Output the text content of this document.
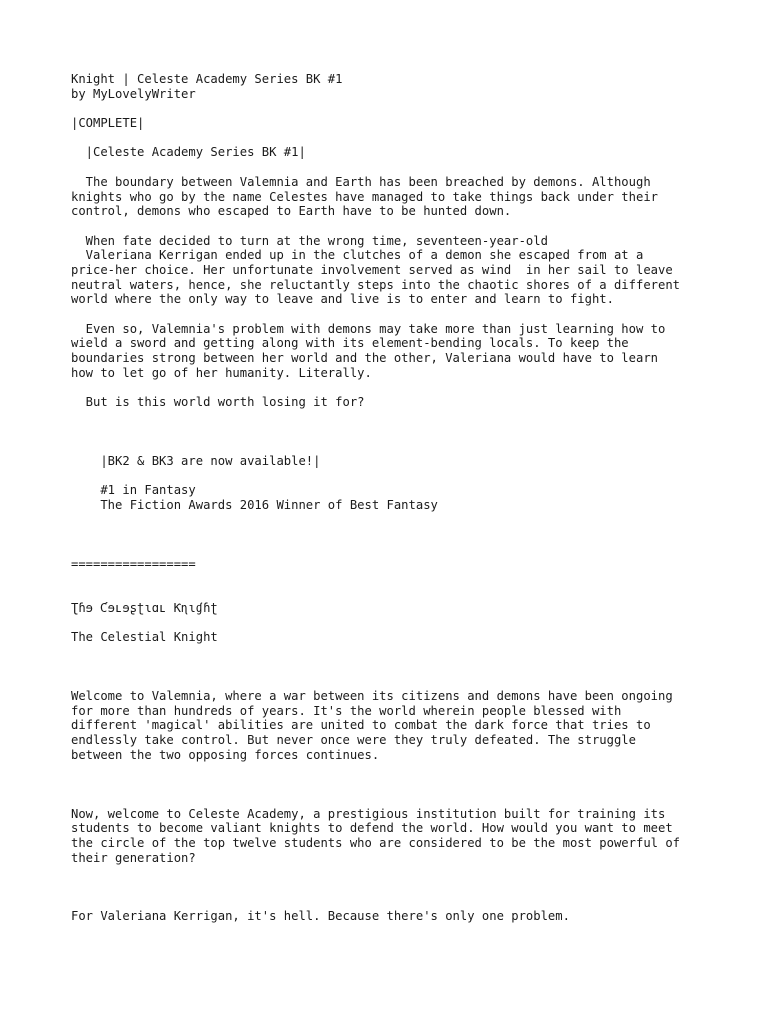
Knight | Celeste Academy Series BK #1
by MyLovelyWriter
|COMPLETE|
|Celeste Academy Series BK #1|
The boundary between Valemnia and Earth has been breached by demons. Although
knights who go by the name Celestes have managed to take things back under their
control, demons who escaped to Earth have to be hunted down.
When fate decided to turn at the wrong time, seventeen-year-old
Valeriana Kerrigan ended up in the clutches of a demon she escaped from at a
price-her choice. Her unfortunate involvement served as wind  in her sail to leave
neutral waters, hence, she reluctantly steps into the chaotic shores of a different
world where the only way to leave and live is to enter and learn to fight.
Even so, Valemnia's problem with demons may take more than just learning how to
wield a sword and getting along with its element-bending locals. To keep the
boundaries strong between her world and the other, Valeriana would have to learn
how to let go of her humanity. Literally.
But is this world worth losing it for?
|BK2 & BK3 are now available!|
#1 in Fantasy
The Fiction Awards 2016 Winner of Best Fantasy
=================
Ʈɦɘ Ƈɘʟɘʂʈɩɑʟ Ƙɳɩɠɦʈ
The Celestial Knight
Welcome to Valemnia, where a war between its citizens and demons have been ongoing
for more than hundreds of years. It's the world wherein people blessed with
different 'magical' abilities are united to combat the dark force that tries to
endlessly take control. But never once were they truly defeated. The struggle
between the two opposing forces continues.
Now, welcome to Celeste Academy, a prestigious institution built for training its
students to become valiant knights to defend the world. How would you want to meet
the circle of the top twelve students who are considered to be the most powerful of
their generation?
For Valeriana Kerrigan, it's hell. Because there's only one problem.
